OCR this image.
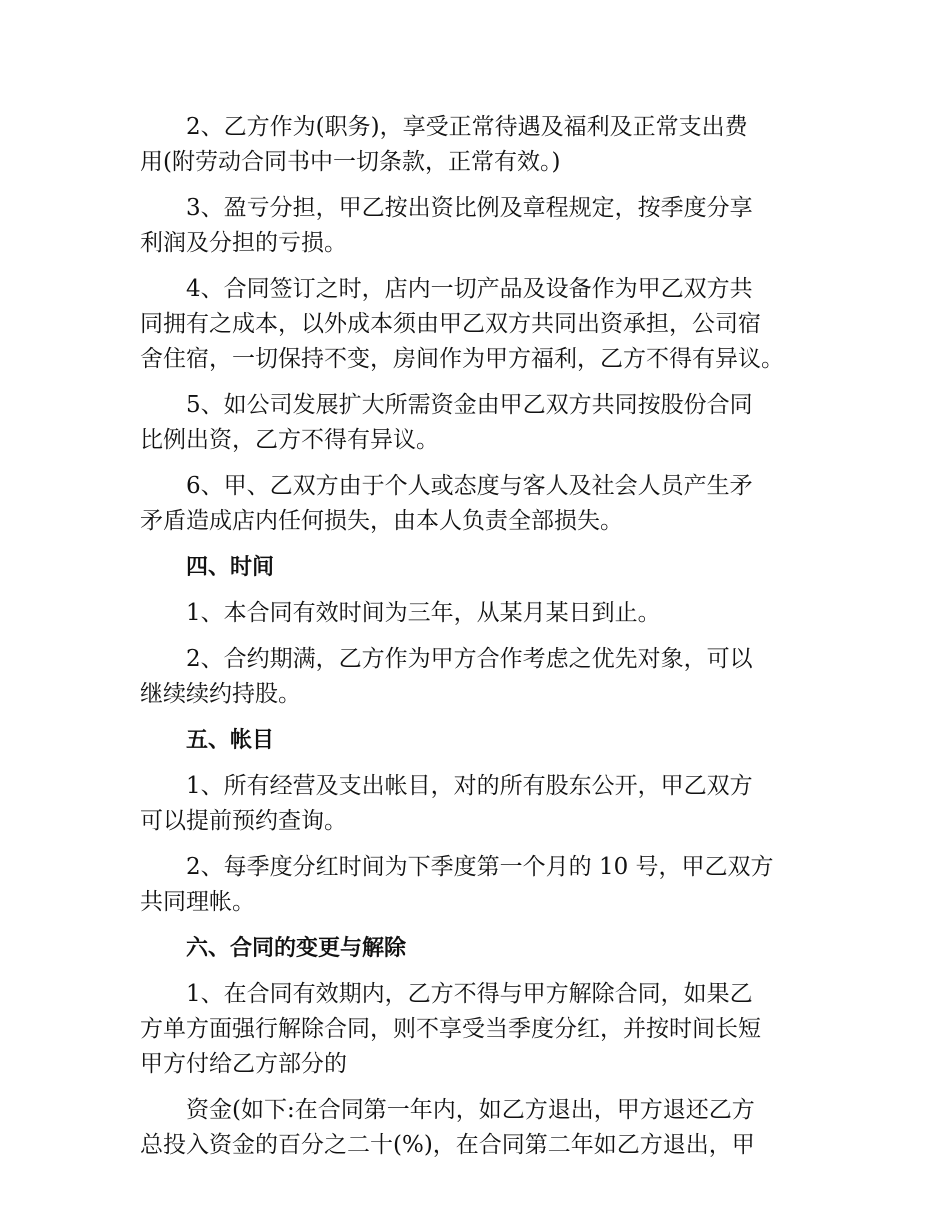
2、乙方作为(职务)，享受正常待遇及福利及正常支出费
用(附劳动合同书中一切条款，正常有效。)
3、盈亏分担，甲乙按出资比例及章程规定，按季度分享
利润及分担的亏损。
4、合同签订之时，店内一切产品及设备作为甲乙双方共
同拥有之成本，以外成本须由甲乙双方共同出资承担，公司宿
舍住宿，一切保持不变，房间作为甲方福利，乙方不得有异议。
5、如公司发展扩大所需资金由甲乙双方共同按股份合同
比例出资，乙方不得有异议。
6、甲、乙双方由于个人或态度与客人及社会人员产生矛
矛盾造成店内任何损失，由本人负责全部损失。
四、时间
1、本合同有效时间为三年，从某月某日到止。
2、合约期满，乙方作为甲方合作考虑之优先对象，可以
继续续约持股。
五、帐目
1、所有经营及支出帐目，对的所有股东公开，甲乙双方
可以提前预约查询。
2、每季度分红时间为下季度第一个月的 10 号，甲乙双方
共同理帐。
六、合同的变更与解除
1、在合同有效期内，乙方不得与甲方解除合同，如果乙
方单方面强行解除合同，则不享受当季度分红，并按时间长短
甲方付给乙方部分的
资金(如下:在合同第一年内，如乙方退出，甲方退还乙方
总投入资金的百分之二十(%)，在合同第二年如乙方退出，甲
